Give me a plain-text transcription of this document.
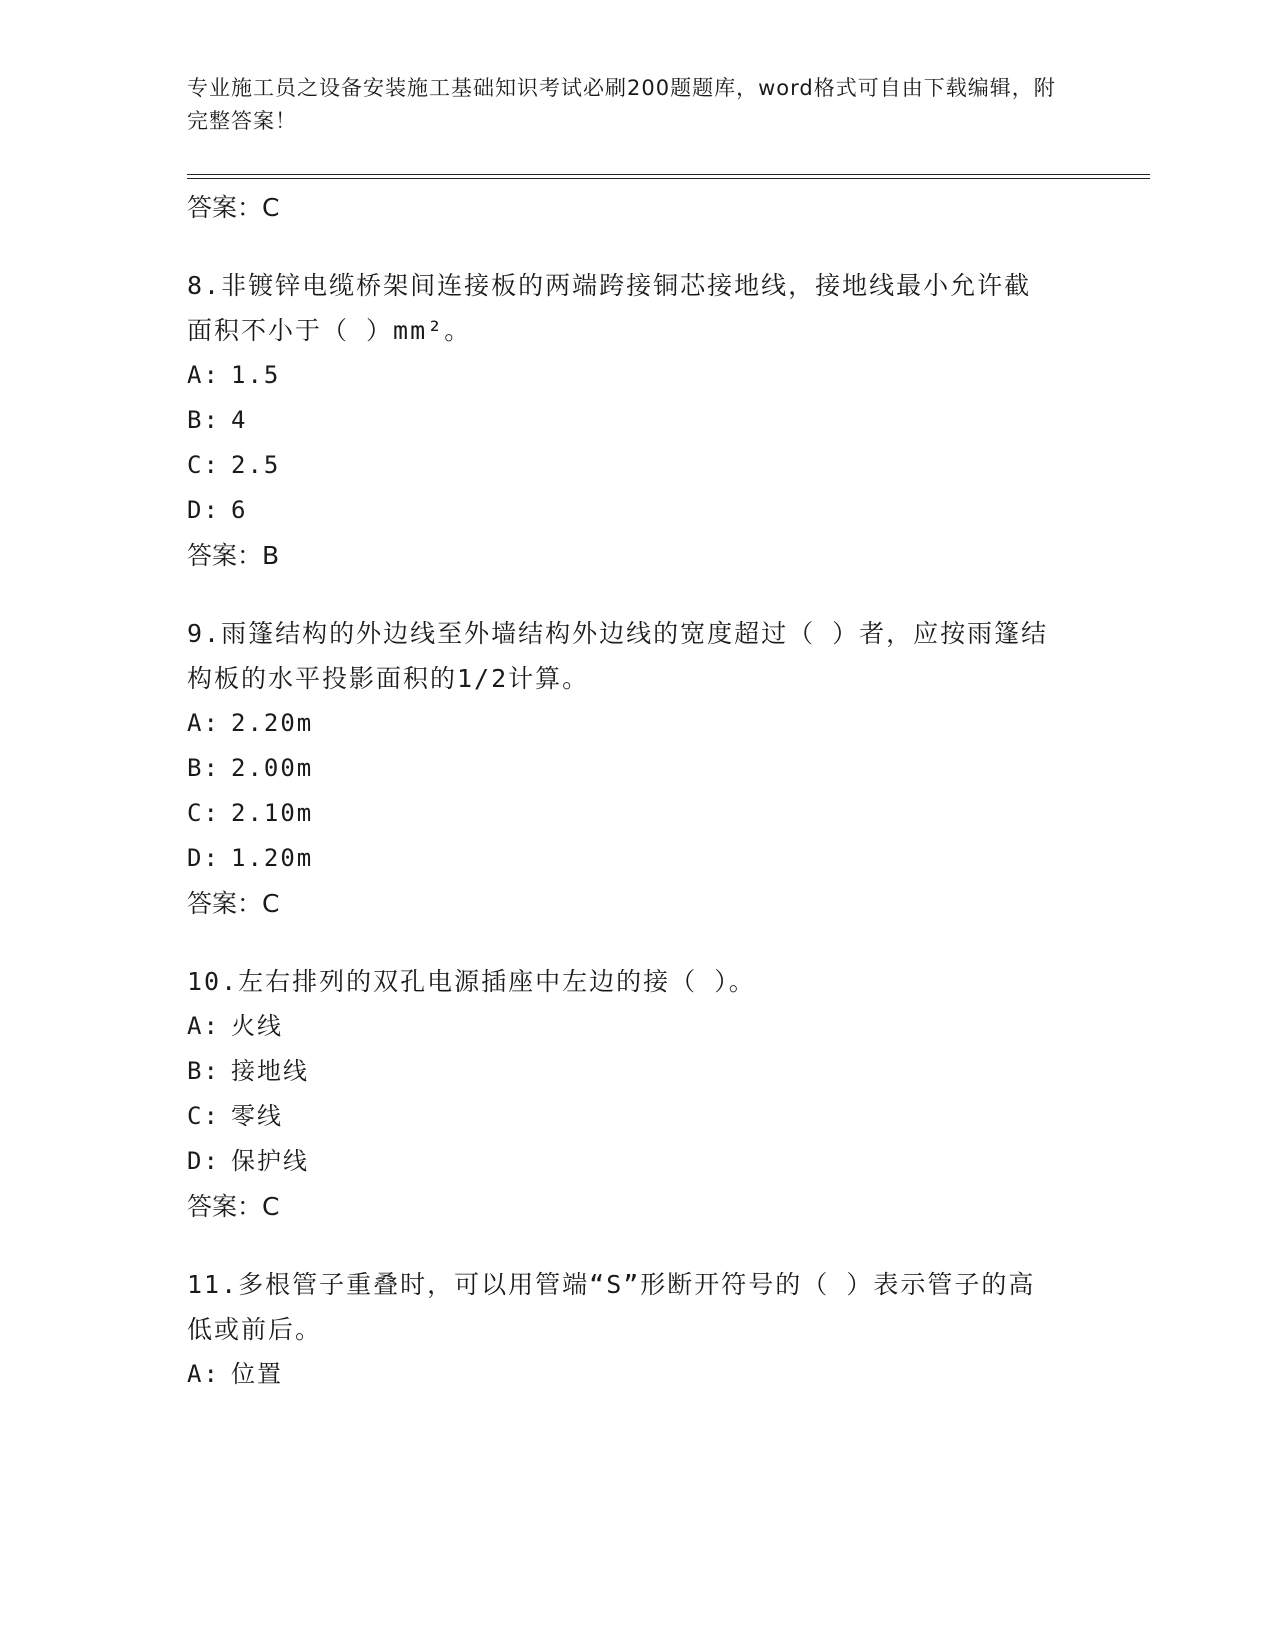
专业施工员之设备安装施工基础知识考试必刷200题题库，word格式可自由下载编辑，附完整答案！

答案：C

8.非镀锌电缆桥架间连接板的两端跨接铜芯接地线，接地线最小允许截面积不小于（ ）mm²。

A: 1.5

B: 4

C: 2.5

D: 6

答案：B

9.雨篷结构的外边线至外墙结构外边线的宽度超过（ ）者，应按雨篷结构板的水平投影面积的1/2计算。

A: 2.20m

B: 2.00m

C: 2.10m

D: 1.20m

答案：C

10.左右排列的双孔电源插座中左边的接（ ）。

A: 火线

B: 接地线

C: 零线

D: 保护线

答案：C

11.多根管子重叠时，可以用管端“S”形断开符号的（ ）表示管子的高低或前后。

A: 位置
